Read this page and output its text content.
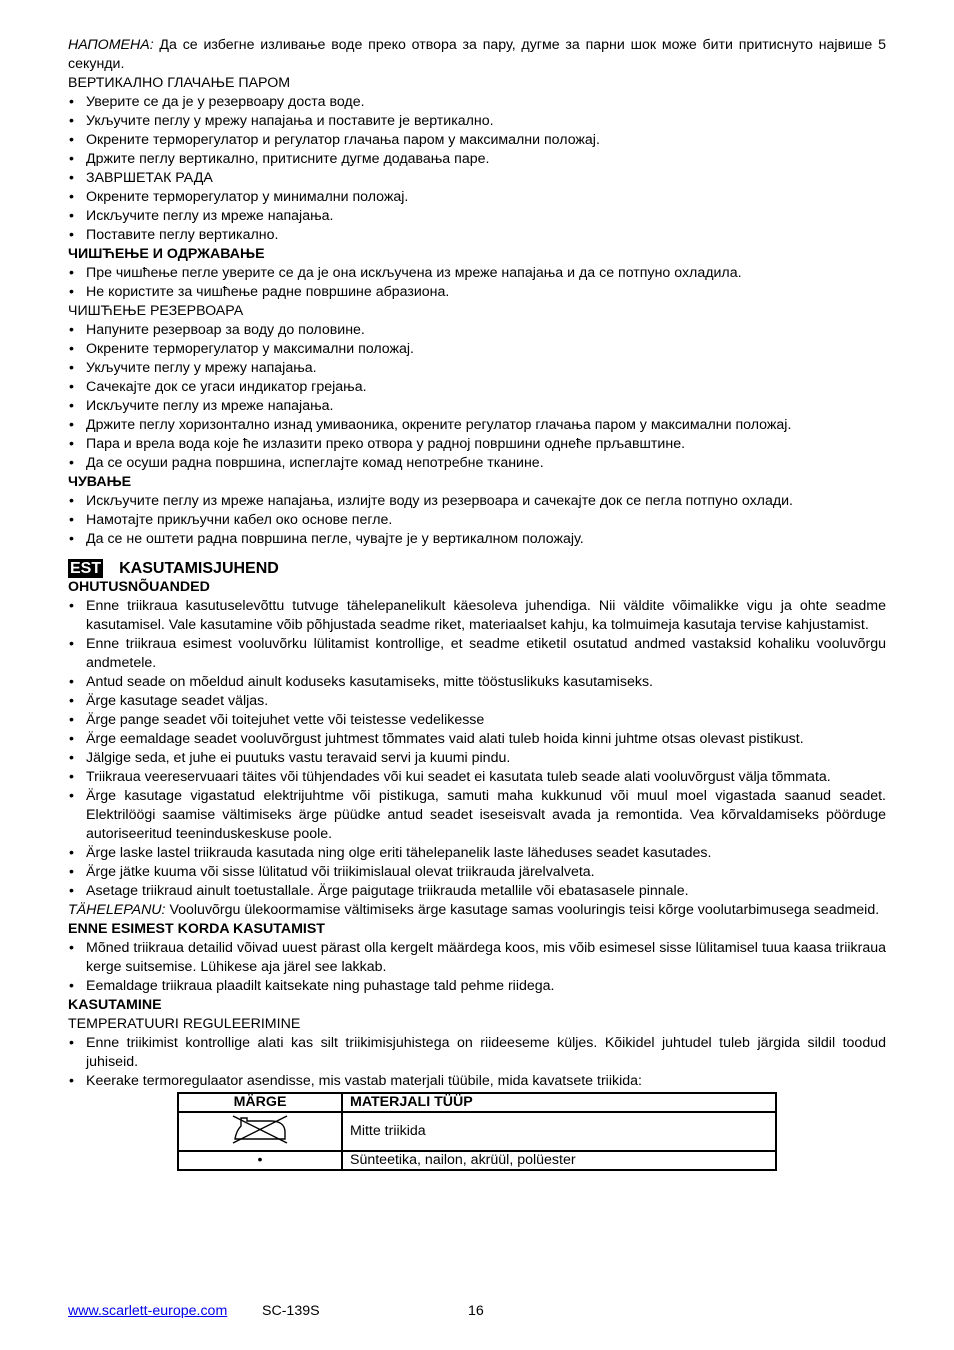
НАПОМЕНА: Да се избегне изливање воде преко отвора за пару, дугме за парни шок може бити притиснуто највише 5 секунди.

ВЕРТИКАЛНО ГЛАЧАЊЕ ПАРОМ

• Уверите се да је у резервоару доста воде.
• Укључите пеглу у мрежу напајања и поставите је вертикално.
• Окрените терморегулатор и регулатор глачања паром у максимални положај.
• Држите пеглу вертикално, притисните дугме додавања паре.
• ЗАВРШЕТАК РАДА
• Окрените терморегулатор у минимални положај.
• Искључите пеглу из мреже напајања.
• Поставите пеглу вертикално.

ЧИШЋЕЊЕ И ОДРЖАВАЊЕ

• Пре чишћење пегле уверите се да је она искључена из мреже напајања и да се потпуно охладила.
• Не користите за чишћење радне површине абразиона.

ЧИШЋЕЊЕ РЕЗЕРВОАРА

• Напуните резервоар за воду до половине.
• Окрените терморегулатор у максимални положај.
• Укључите пеглу у мрежу напајања.
• Сачекајте док се угаси индикатор грејања.
• Искључите пеглу из мреже напајања.
• Држите пеглу хоризонтално изнад умиваоника, окрените регулатор глачања паром у максимални положај.
• Пара и врела вода које ће излазити преко отвора у радној површини однеће прљавштине.
• Да се осуши радна површина, испеглајте комад непотребне тканине.

ЧУВАЊЕ

• Искључите пеглу из мреже напајања, излијте воду из резервоара и сачекајте док се пегла потпуно охлади.
• Намотајте прикључни кабел око основе пегле.
• Да се не оштети радна површина пегле, чувајте је у вертикалном положају.
EST KASUTAMISJUHEND

OHUTUSNÕUANDED

• Enne triikraua kasutuselevõttu tutvuge tähelepanelikult käesoleva juhendiga. Nii väldite võimalikke vigu ja ohte seadme kasutamisel. Vale kasutamine võib põhjustada seadme riket, materiaalset kahju, ka tolmuimeja kasutaja tervise kahjustamist.
• Enne triikraua esimest vooluvõrku lülitamist kontrollige, et seadme etiketil osutatud andmed vastaksid kohaliku vooluvõrgu andmetele.
• Antud seade on mõeldud ainult koduseks kasutamiseks, mitte tööstuslikuks kasutamiseks.
• Ärge kasutage seadet väljas.
• Ärge pange seadet või toitejuhet vette või teistesse vedelikesse
• Ärge eemaldage seadet vooluvõrgust juhtmest tõmmates vaid alati tuleb hoida kinni juhtme otsas olevast pistikust.
• Jälgige seda, et juhe ei puutuks vastu teravaid servi ja kuumi pindu.
• Triikraua veereservuaari täites või tühjendades või kui seadet ei kasutata tuleb seade alati vooluvõrgust välja tõmmata.
• Ärge kasutage vigastatud elektrijuhtme või pistikuga, samuti maha kukkunud või muul moel vigastada saanud seadet. Elektrilöögi saamise vältimiseks ärge püüdke antud seadet iseseisvalt avada ja remontida. Vea kõrvaldamiseks pöörduge autoriseeritud teeninduskeskuse poole.
• Ärge laske lastel triikrauda kasutada ning olge eriti tähelepanelik laste läheduses seadet kasutades.
• Ärge jätke kuuma või sisse lülitatud või triikimislaual olevat triikrauda järelvalveta.
• Asetage triikraud ainult toetustallale. Ärge paigutage triikrauda metallile või ebatasasele pinnale.

TÄHELEPANU: Vooluvõrgu ülekoormamise vältimiseks ärge kasutage samas vooluringis teisi kõrge voolutarbimusega seadmeid.

ENNE ESIMEST KORDA KASUTAMIST

• Mõned triikraua detailid võivad uuest pärast olla kergelt määrdega koos, mis võib esimesel sisse lülitamisel tuua kaasa triikraua kerge suitsemise. Lühikese aja järel see lakkab.
• Eemaldage triikraua plaadilt kaitsekate ning puhastage tald pehme riidega.

KASUTAMINE

TEMPERATUURI REGULEERIMINE

• Enne triikimist kontrollige alati kas silt triikimisjuhistega on riideeseme küljes. Kõikidel juhtudel tuleb järgida sildil toodud juhiseid.
• Keerake termoregulaator asendisse, mis vastab materjali tüübile, mida kavatsete triikida:
MÄRGE	MATERJALI TÜÜP
	Mitte triikida
•	Sünteetika, nailon, akrüül, polüester
www.scarlett-europe.com SC-139S	16
